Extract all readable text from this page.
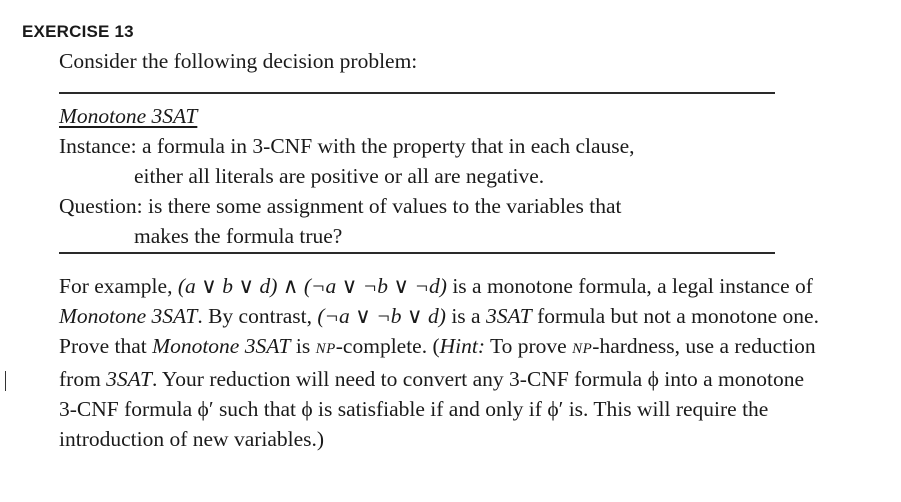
EXERCISE 13
Consider the following decision problem:
Monotone 3SAT
Instance: a formula in 3-CNF with the property that in each clause,
either all literals are positive or all are negative.
Question: is there some assignment of values to the variables that
makes the formula true?
For example, (a ∨ b ∨ d) ∧ (¬a ∨ ¬b ∨ ¬d) is a monotone formula, a legal instance of
Monotone 3SAT. By contrast, (¬a ∨ ¬b ∨ d) is a 3SAT formula but not a monotone one.
Prove that Monotone 3SAT is NP-complete. (Hint: To prove NP-hardness, use a reduction
from 3SAT. Your reduction will need to convert any 3-CNF formula ϕ into a monotone
3-CNF formula ϕ′ such that ϕ is satisfiable if and only if ϕ′ is. This will require the
introduction of new variables.)
